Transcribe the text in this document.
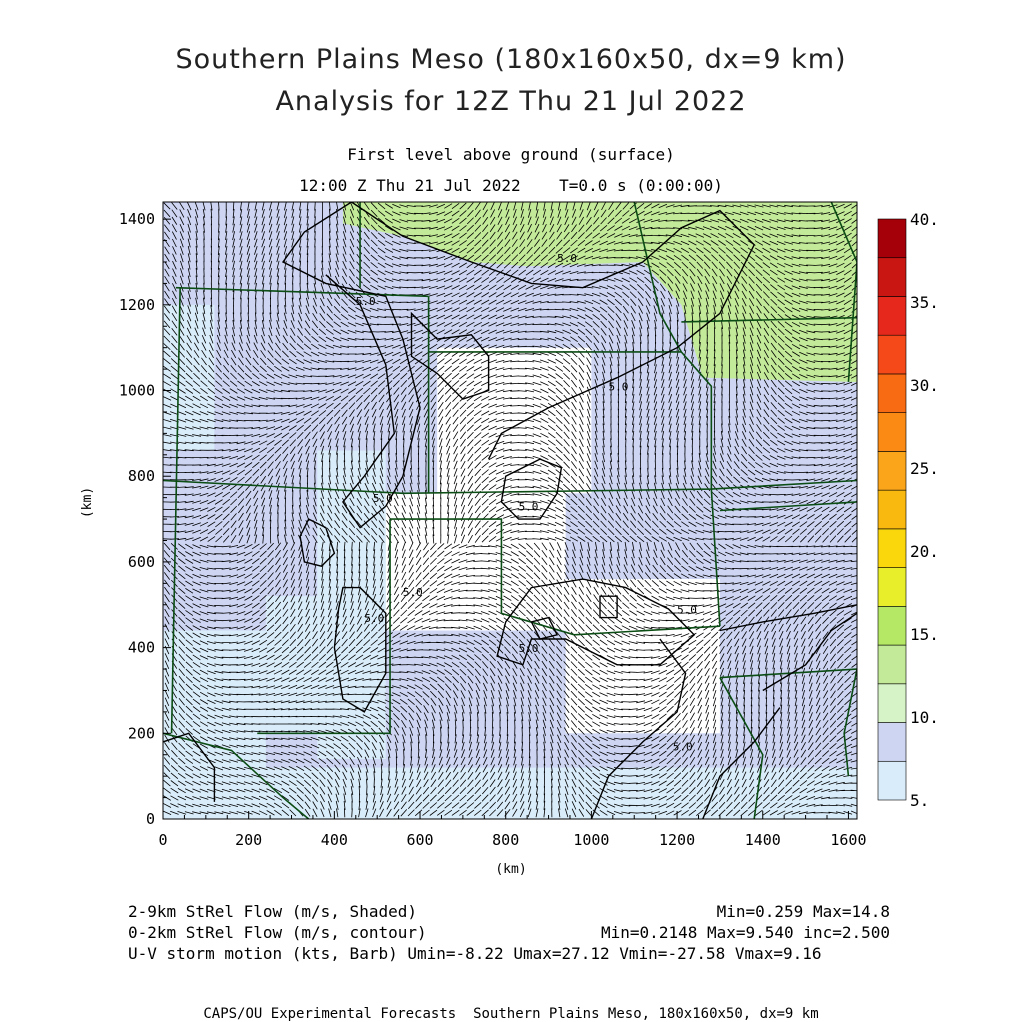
Southern Plains Meso (180x160x50, dx=9 km)
Analysis for 12Z Thu 21 Jul 2022
First level above ground (surface)
12:00 Z Thu 21 Jul 2022    T=0.0 s (0:00:00)
(km)
(km)
5.0
5.0
5.0
5.0
5.0
5.0
5.0
5.0
5.0
5.0
0	200	400	600	800	1000	1200	1400	1600
0
200
400
600
800
1000
1200
1400	40.
35.
30.
25.
20.
15.
10.
5.
2-9km StRel Flow (m/s, Shaded)	Min=0.259 Max=14.8
0-2km StRel Flow (m/s, contour)	Min=0.2148 Max=9.540 inc=2.500
U-V storm motion (kts, Barb) Umin=-8.22 Umax=27.12 Vmin=-27.58 Vmax=9.16
CAPS/OU Experimental Forecasts  Southern Plains Meso, 180x160x50, dx=9 km
